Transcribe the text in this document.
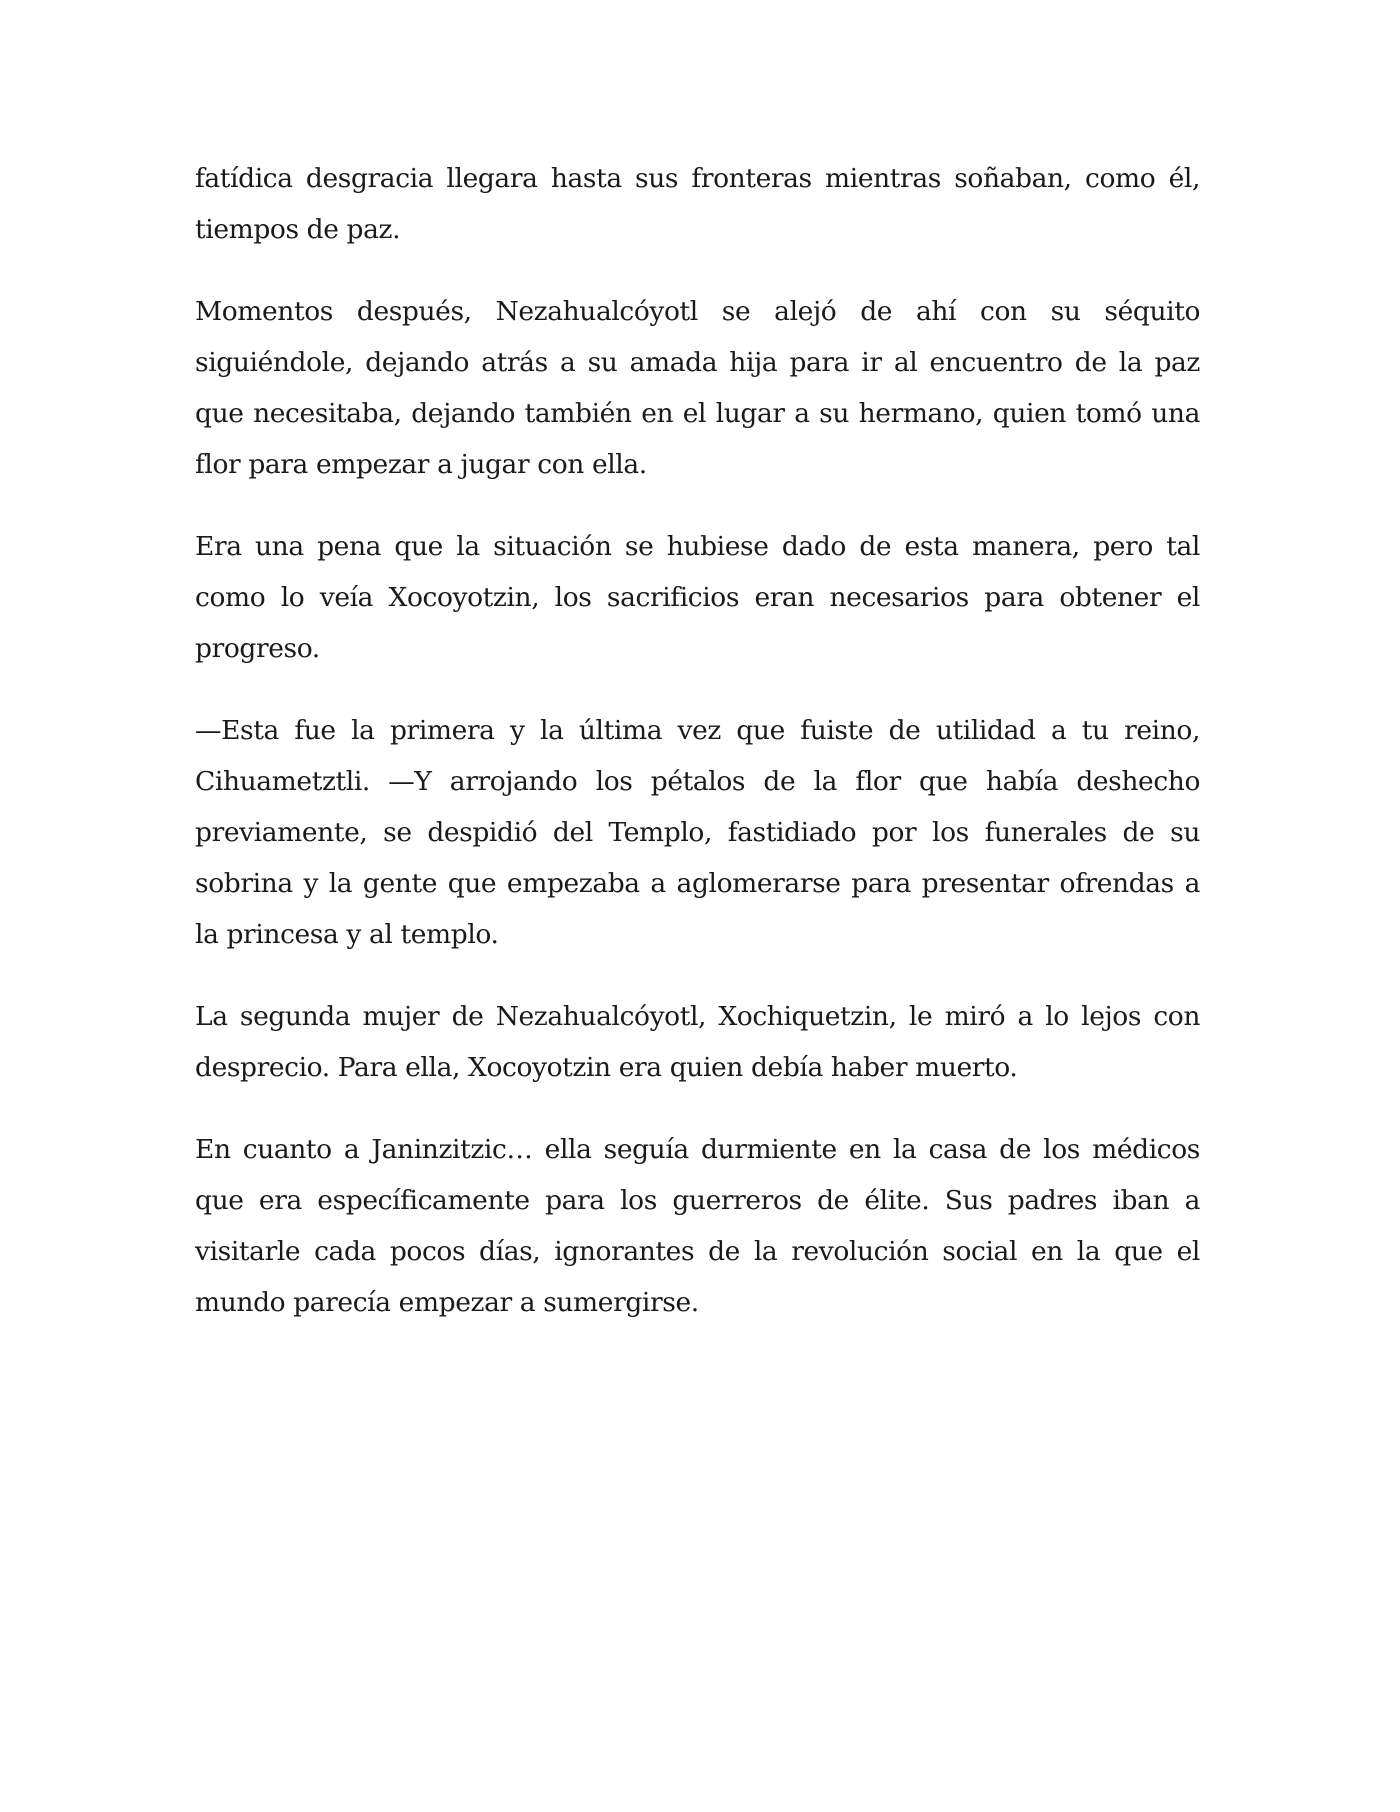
fatídica desgracia llegara hasta sus fronteras mientras soñaban, como él, tiempos de paz.

Momentos después, Nezahualcóyotl se alejó de ahí con su séquito siguiéndole, dejando atrás a su amada hija para ir al encuentro de la paz que necesitaba, dejando también en el lugar a su hermano, quien tomó una flor para empezar a jugar con ella.

Era una pena que la situación se hubiese dado de esta manera, pero tal como lo veía Xocoyotzin, los sacrificios eran necesarios para obtener el progreso.

—Esta fue la primera y la última vez que fuiste de utilidad a tu reino, Cihuametztli. —Y arrojando los pétalos de la flor que había deshecho previamente, se despidió del Templo, fastidiado por los funerales de su sobrina y la gente que empezaba a aglomerarse para presentar ofrendas a la princesa y al templo.

La segunda mujer de Nezahualcóyotl, Xochiquetzin, le miró a lo lejos con desprecio. Para ella, Xocoyotzin era quien debía haber muerto.

En cuanto a Janinzitzic… ella seguía durmiente en la casa de los médicos que era específicamente para los guerreros de élite. Sus padres iban a visitarle cada pocos días, ignorantes de la revolución social en la que el mundo parecía empezar a sumergirse.
